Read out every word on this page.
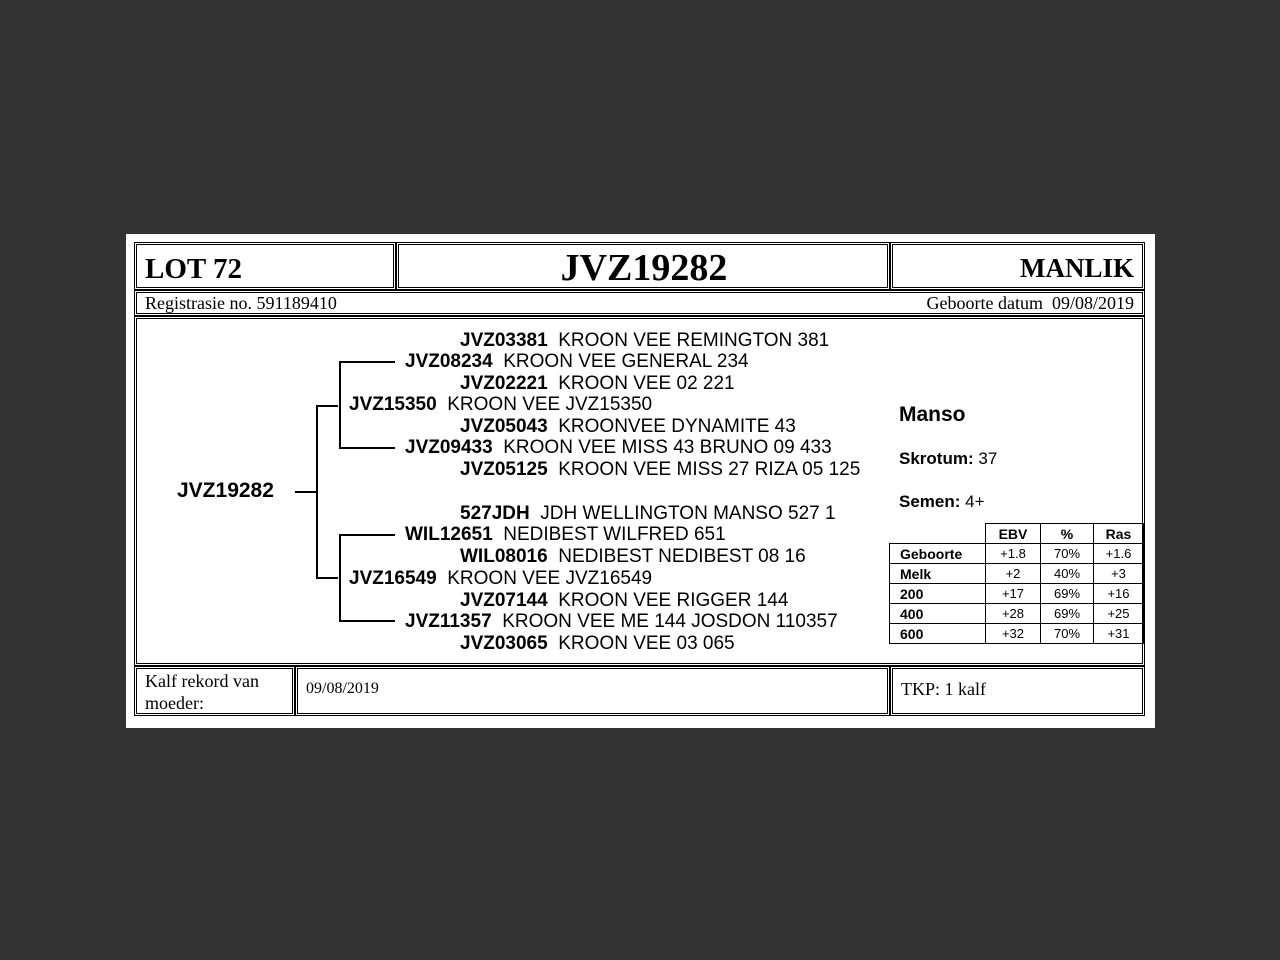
LOT 72	JVZ19282	MANLIK
Registrasie no. 591189410	Geboorte datum 09/08/2019
JVZ19282
JVZ03381 KROON VEE REMINGTON 381
JVZ08234 KROON VEE GENERAL 234
JVZ02221 KROON VEE 02 221
JVZ15350 KROON VEE JVZ15350
JVZ05043 KROONVEE DYNAMITE 43
JVZ09433 KROON VEE MISS 43 BRUNO 09 433
JVZ05125 KROON VEE MISS 27 RIZA 05 125
527JDH JDH WELLINGTON MANSO 527 1
WIL12651 NEDIBEST WILFRED 651
WIL08016 NEDIBEST NEDIBEST 08 16
JVZ16549 KROON VEE JVZ16549
JVZ07144 KROON VEE RIGGER 144
JVZ11357 KROON VEE ME 144 JOSDON 110357
JVZ03065 KROON VEE 03 065
Manso
Skrotum: 37
Semen: 4+
	EBV	%	Ras
Geboorte	+1.8	70%	+1.6
Melk	+2	40%	+3
200	+17	69%	+16
400	+28	69%	+25
600	+32	70%	+31
Kalf rekord van moeder:
09/08/2019	TKP: 1 kalf
